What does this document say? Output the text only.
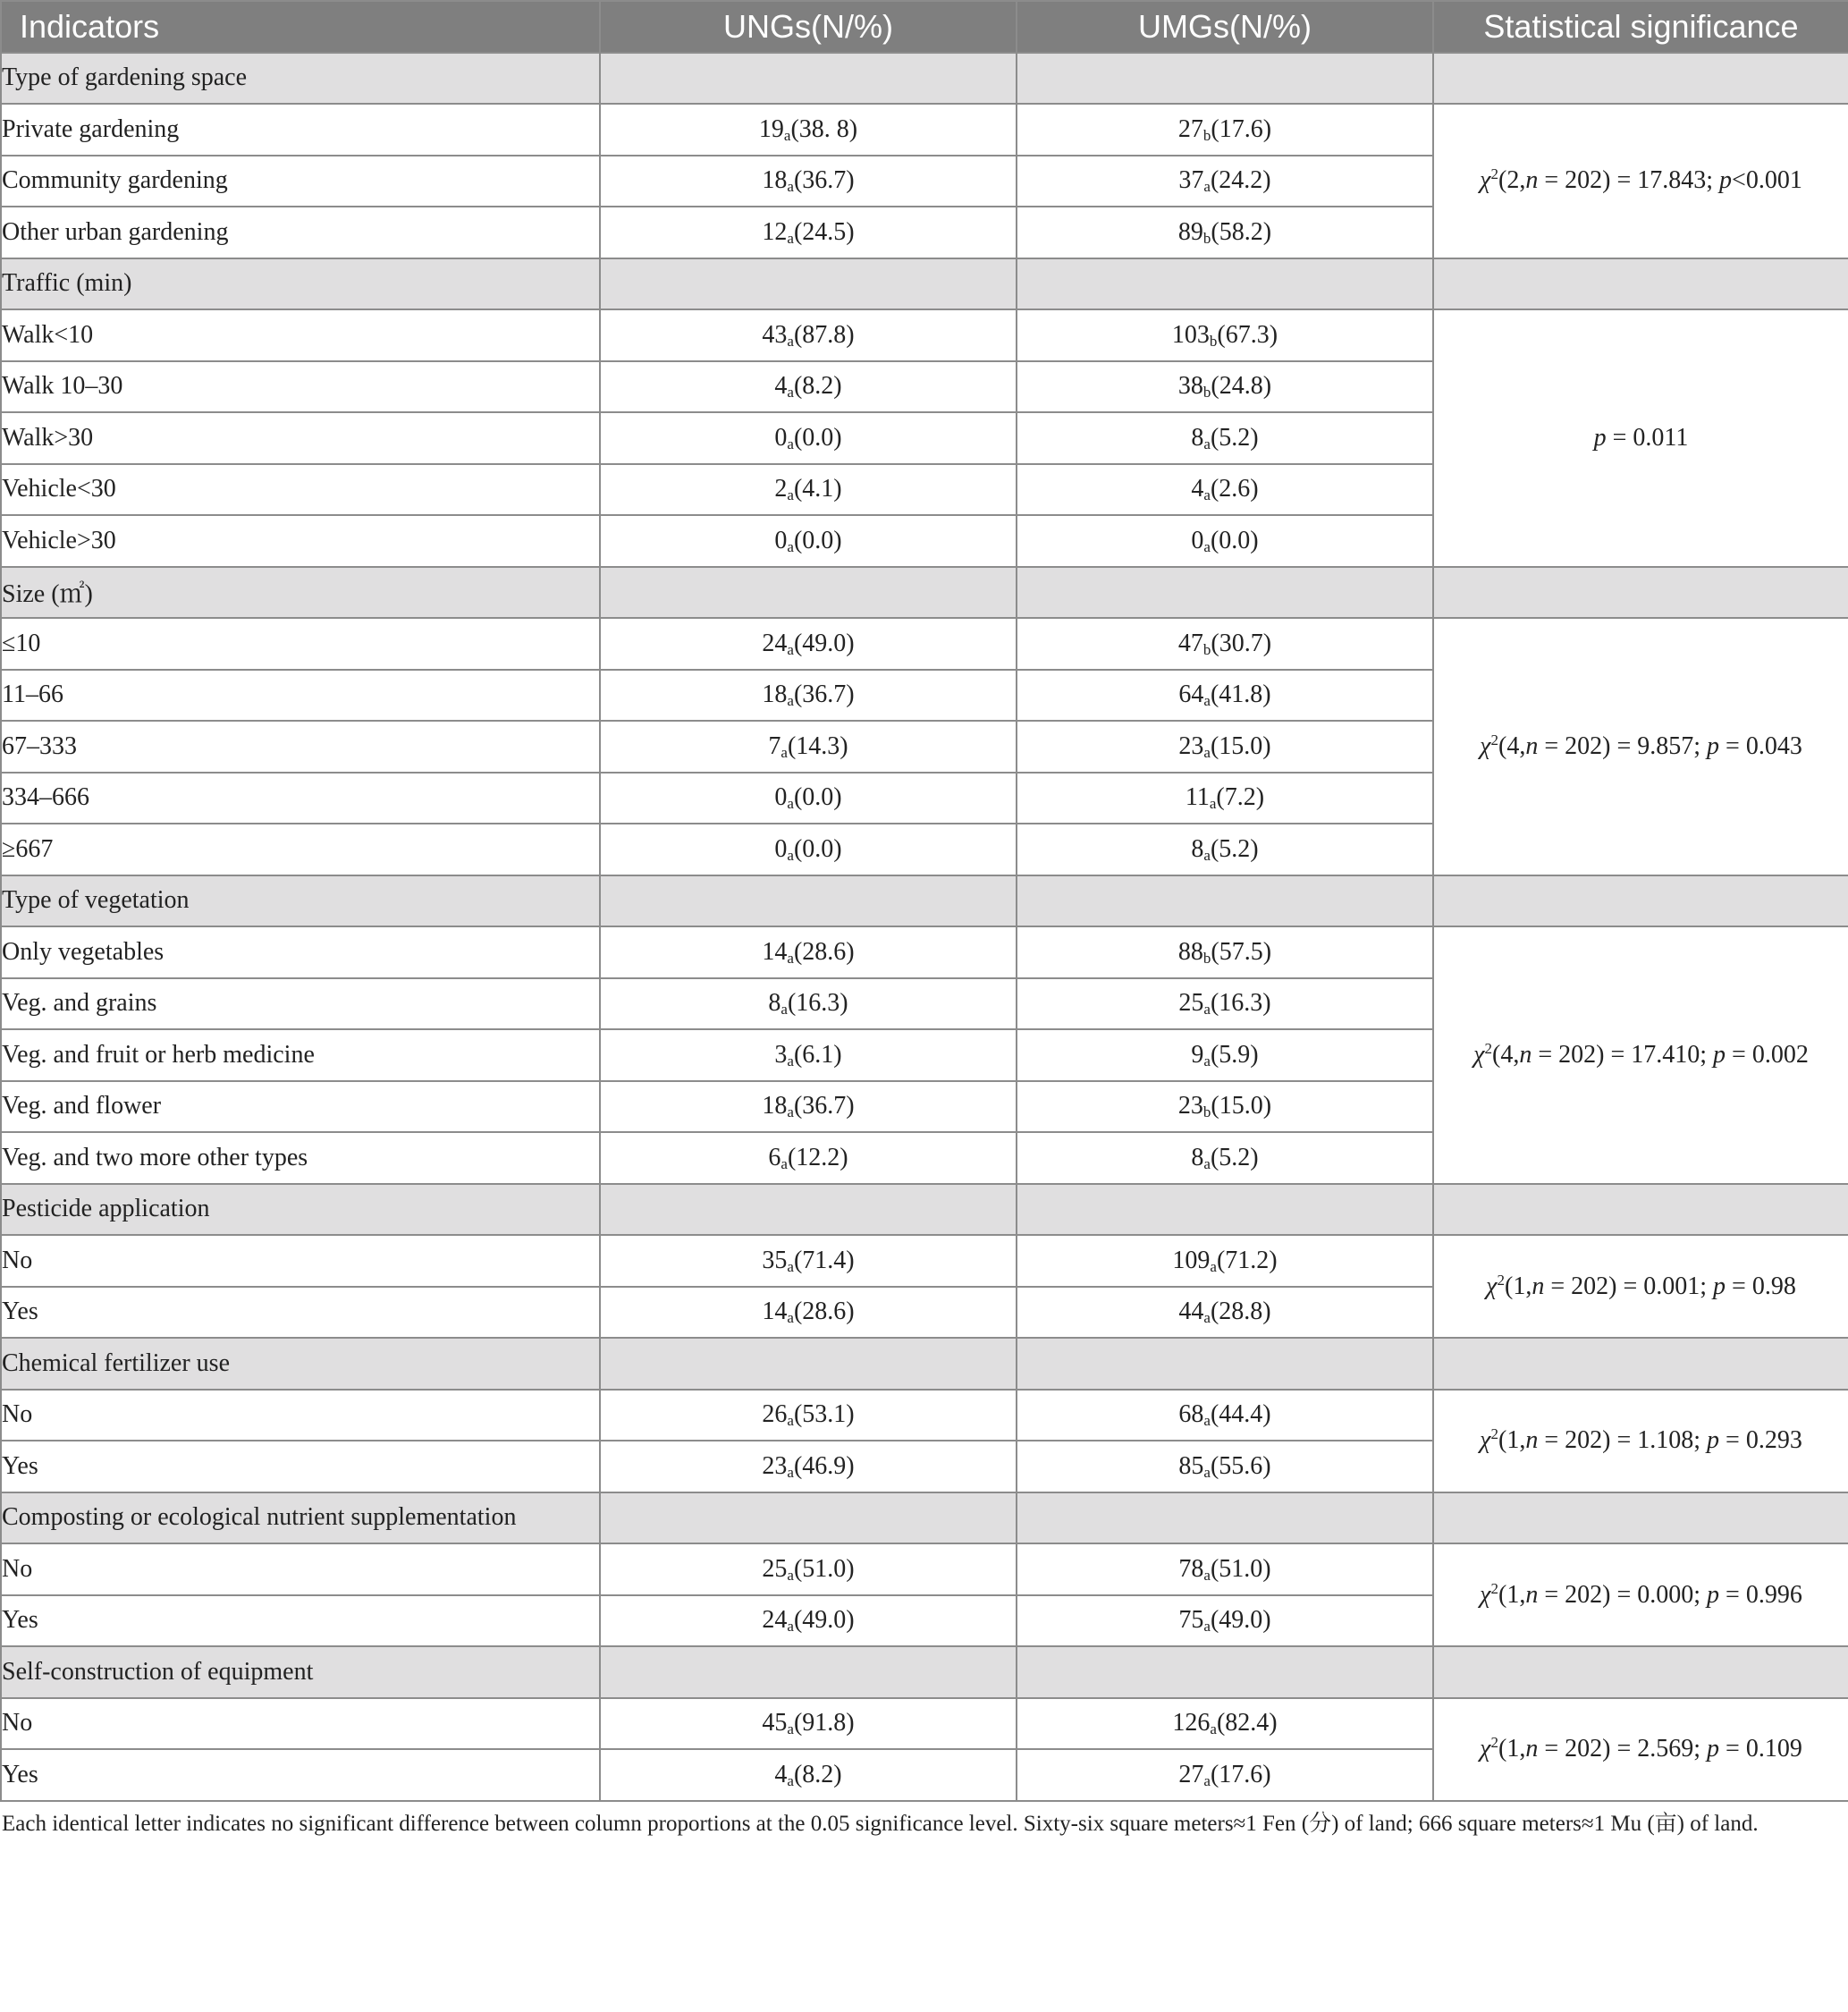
Indicators	UNGs(N/%)	UMGs(N/%)	Statistical significance
Type of gardening space			
Private gardening	$19_a(38$. 8)	$27_b(17.6)$	$\chi^2(2,n = 202) = 17.843$; p<0.001
Community gardening	$18_a(36.7)$	$37_a(24.2)$	
Other urban gardening	$12_a(24.5)$	$89_b(58.2)$	
Traffic (min)			
Walk<10	$43_a(87.8)$	$103_b(67.3)$	p = 0.011
Walk 10–30	$4_a(8.2)$	$38_b(24.8)$	
Walk>30	$0_a(0.0)$	$8_a(5.2)$	
Vehicle<30	$2_a(4.1)$	$4_a(2.6)$	
Vehicle>30	$0_a(0.0)$	$0_a(0.0)$	
Size (㎡)			
≤10	$24_a(49.0)$	$47_b(30.7)$	$\chi^2(4,n = 202) = 9.857$; p = 0.043
11–66	$18_a(36.7)$	$64_a(41.8)$	
67–333	$7_a(14.3)$	$23_a(15.0)$	
334–666	$0_a(0.0)$	$11_a(7.2)$	
≥667	$0_a(0.0)$	$8_a(5.2)$	
Type of vegetation			
Only vegetables	$14_a(28.6)$	$88_b(57.5)$	$\chi^2(4,n = 202) = 17.410$; p = 0.002
Veg. and grains	$8_a(16.3)$	$25_a(16.3)$	
Veg. and fruit or herb medicine	$3_a(6.1)$	$9_a(5.9)$	
Veg. and flower	$18_a(36.7)$	$23_b(15.0)$	
Veg. and two more other types	$6_a(12.2)$	$8_a(5.2)$	
Pesticide application			
No	$35_a(71.4)$	$109_a(71.2)$	$\chi^2(1,n = 202) = 0.001$; p = 0.98
Yes	$14_a(28.6)$	$44_a(28.8)$	
Chemical fertilizer use			
No	$26_a(53.1)$	$68_a(44.4)$	$\chi^2(1,n = 202) = 1.108$; p = 0.293
Yes	$23_a(46.9)$	$85_a(55.6)$	
Composting or ecological nutrient supplementation			
No	$25_a(51.0)$	$78_a(51.0)$	$\chi^2(1,n = 202) = 0.000$; p = 0.996
Yes	$24_a(49.0)$	$75_a(49.0)$	
Self-construction of equipment			
No	$45_a(91.8)$	$126_a(82.4)$	$\chi^2(1,n = 202) = 2.569$; p = 0.109
Yes	$4_a(8.2)$	$27_a(17.6)$	
Each identical letter indicates no significant difference between column proportions at the 0.05 significance level. Sixty-six square meters≈1 Fen (分) of land; 666 square meters≈1 Mu (亩) of land.
